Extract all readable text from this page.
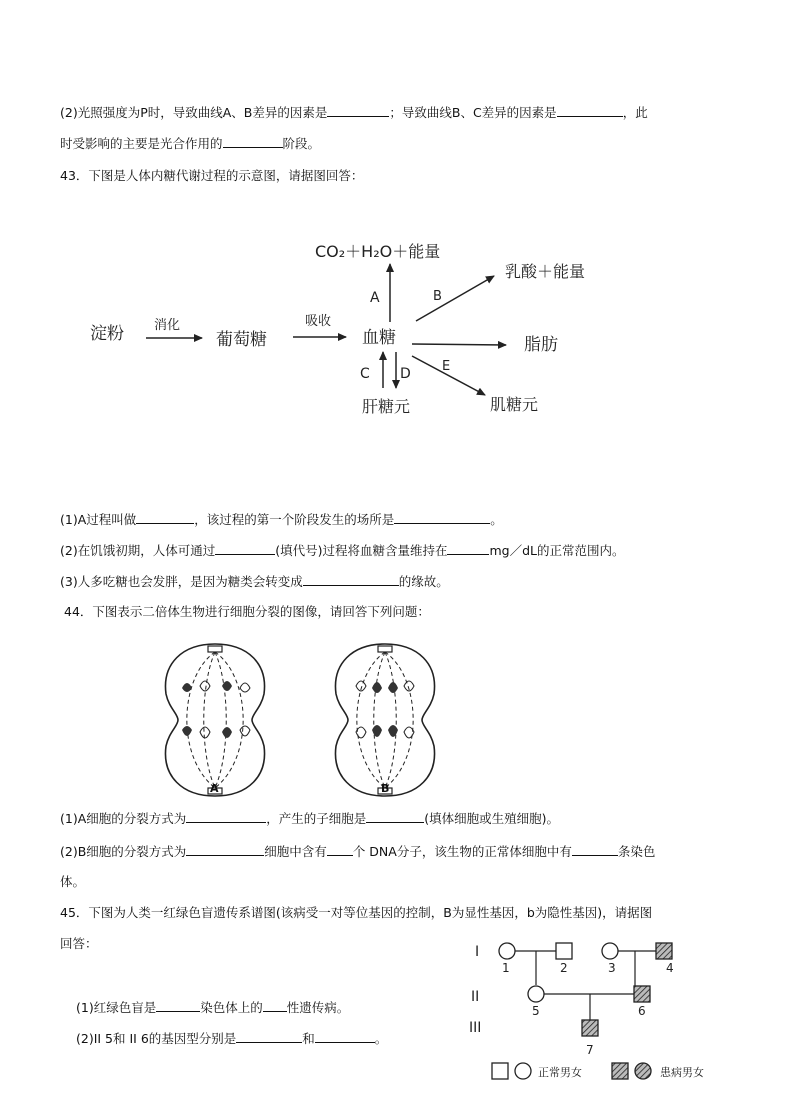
(2)光照强度为P时，导致曲线A、B差异的因素是	；导致曲线B、C差异的因素是	，此
时受影响的主要是光合作用的	阶段。
43．下图是人体内糖代谢过程的示意图，请据图回答：
淀粉 消化
葡萄糖
吸收
血糖
A
CO₂＋H₂O＋能量
B
乳酸＋能量
脂肪
C D
肝糖元
E
肌糖元
(1)A过程叫做	，该过程的第一个阶段发生的场所是	。
(2)在饥饿初期，人体可通过	(填代号)过程将血糖含量维持在	mg／dL的正常范围内。
(3)人多吃糖也会发胖，是因为糖类会转变成	的缘故。
44．下图表示二倍体生物进行细胞分裂的图像，请回答下列问题：
A	B
(1)A细胞的分裂方式为	，产生的子细胞是	(填体细胞或生殖细胞)。
(2)B细胞的分裂方式为	细胞中含有 个 DNA分子，该生物的正常体细胞中有	条染色
体。
45．下图为人类一红绿色盲遗传系谱图(该病受一对等位基因的控制，B为显性基因，b为隐性基因)，请据图
回答：
(1)红绿色盲是	染色体上的 性遗传病。
(2)II 5和 II 6的基因型分别是	和	。
I
II
III
1	2	3	4
5	6
7
正常男女	患病男女
